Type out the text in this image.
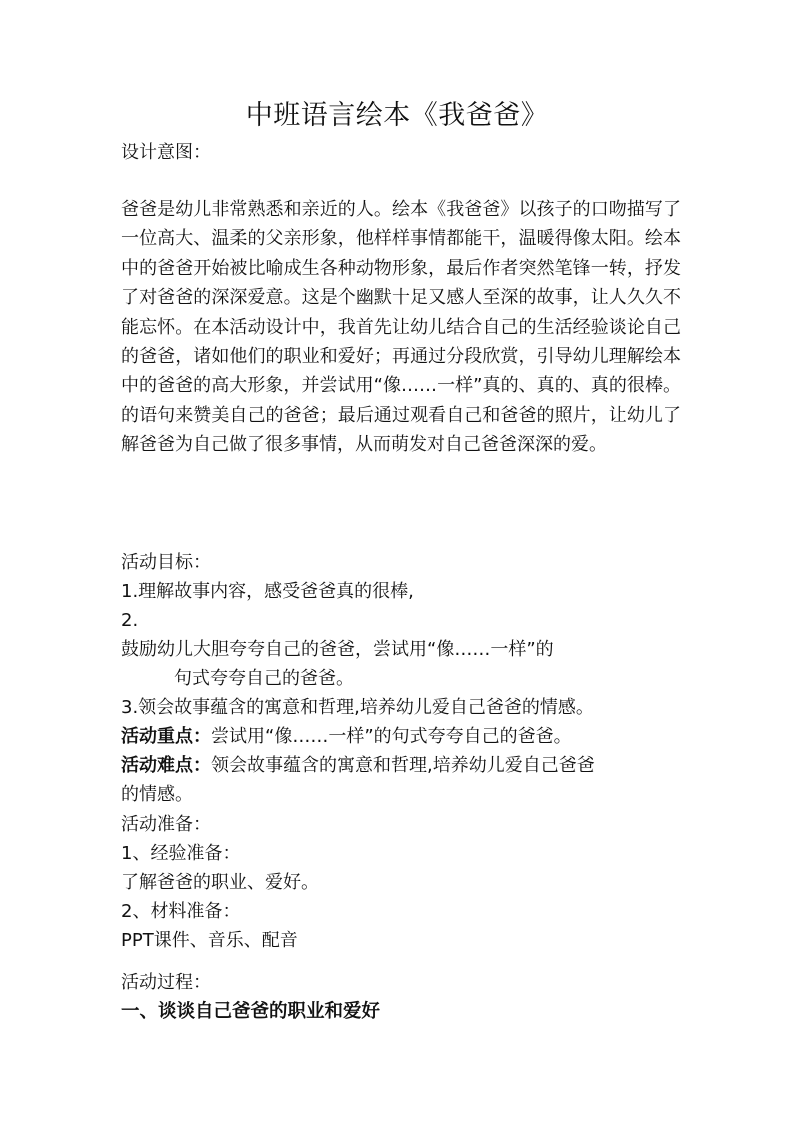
中班语言绘本《我爸爸》
设计意图：

爸爸是幼儿非常熟悉和亲近的人。绘本《我爸爸》以孩子的口吻描写了一位高大、温柔的父亲形象，他样样事情都能干，温暖得像太阳。绘本中的爸爸开始被比喻成生各种动物形象，最后作者突然笔锋一转，抒发了对爸爸的深深爱意。这是个幽默十足又感人至深的故事，让人久久不能忘怀。在本活动设计中，我首先让幼儿结合自己的生活经验谈论自己的爸爸，诸如他们的职业和爱好；再通过分段欣赏，引导幼儿理解绘本中的爸爸的高大形象，并尝试用“像……一样”真的、真的、真的很棒。的语句来赞美自己的爸爸；最后通过观看自己和爸爸的照片，让幼儿了解爸爸为自己做了很多事情，从而萌发对自己爸爸深深的爱。

活动目标：
1.理解故事内容，感受爸爸真的很棒,
2.
鼓励幼儿大胆夸夸自己的爸爸，尝试用“像……一样”的
句式夸夸自己的爸爸。
3.领会故事蕴含的寓意和哲理,培养幼儿爱自己爸爸的情感。
活动重点：尝试用“像……一样”的句式夸夸自己的爸爸。
活动难点：领会故事蕴含的寓意和哲理,培养幼儿爱自己爸爸
的情感。
活动准备：
1、经验准备：
了解爸爸的职业、爱好。
2、材料准备：
PPT课件、音乐、配音
活动过程：
一、谈谈自己爸爸的职业和爱好
